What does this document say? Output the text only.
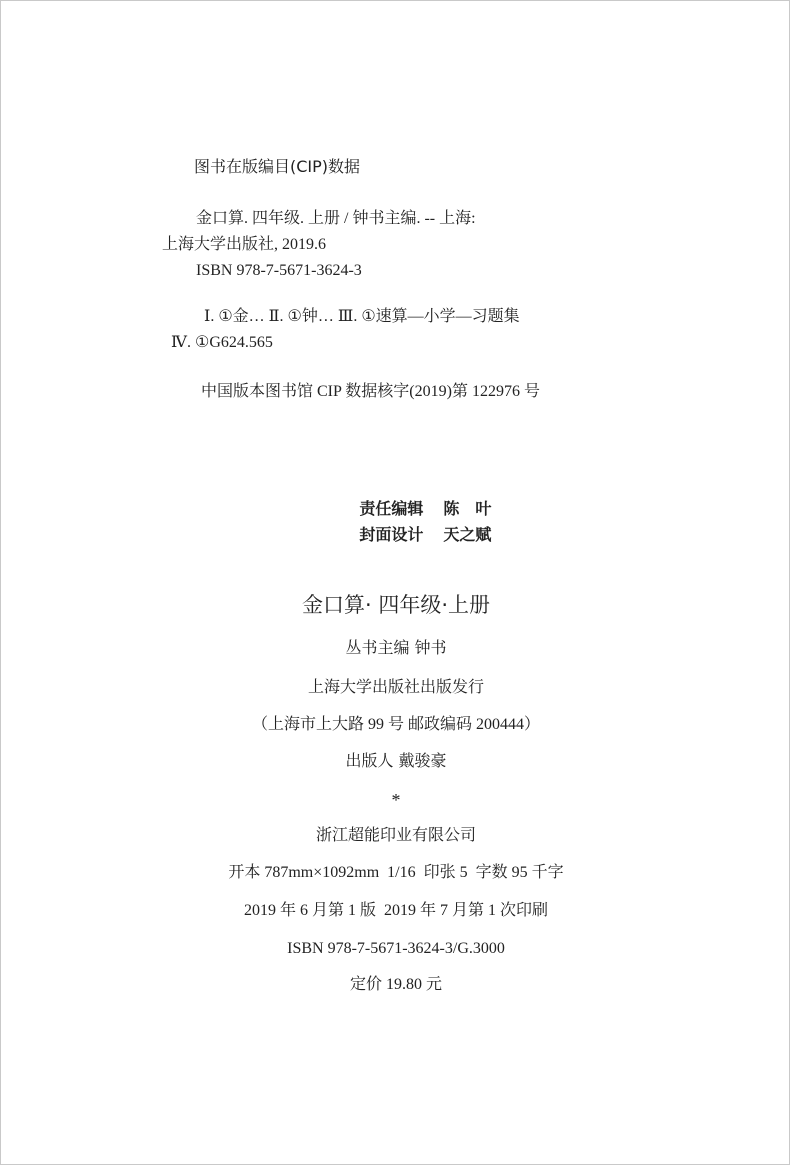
图书在版编目(CIP)数据

金口算. 四年级. 上册 / 钟书主编. -- 上海:

上海大学出版社, 2019.6

ISBN 978-7-5671-3624-3

Ⅰ. ①金… Ⅱ. ①钟… Ⅲ. ①速算—小学—习题集

Ⅳ. ①G624.565

中国版本图书馆 CIP 数据核字(2019)第 122976 号

责任编辑 陈　叶

封面设计 天之赋

金口算· 四年级·上册

丛书主编 钟书

上海大学出版社出版发行

（上海市上大路 99 号 邮政编码 200444）

出版人 戴骏豪

*

浙江超能印业有限公司

开本 787mm×1092mm  1/16  印张 5  字数 95 千字

2019 年 6 月第 1 版  2019 年 7 月第 1 次印刷

ISBN 978-7-5671-3624-3/G.3000

定价 19.80 元
